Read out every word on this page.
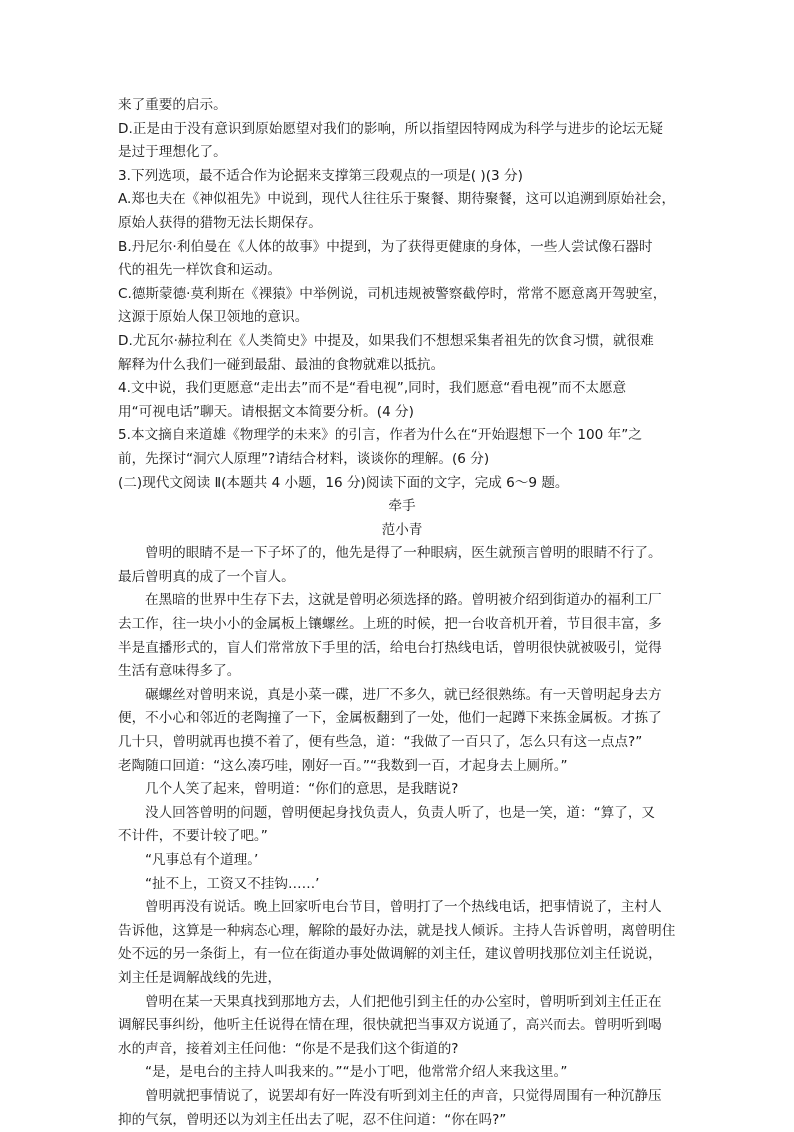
来了重要的启示。

D.正是由于没有意识到原始愿望对我们的影响，所以指望因特网成为科学与进步的论坛无疑

是过于理想化了。

3.下列选项，最不适合作为论据来支撑第三段观点的一项是( )(3 分)

A.郑也夫在《神似祖先》中说到，现代人往往乐于聚餐、期待聚餐，这可以追溯到原始社会，

原始人获得的猎物无法长期保存。

B.丹尼尔·利伯曼在《人体的故事》中提到，为了获得更健康的身体，一些人尝试像石器时

代的祖先一样饮食和运动。

C.德斯蒙德·莫利斯在《裸猿》中举例说，司机违规被警察截停时，常常不愿意离开驾驶室，

这源于原始人保卫领地的意识。

D.尤瓦尔·赫拉利在《人类简史》中提及，如果我们不想想采集者祖先的饮食习惯，就很难

解释为什么我们一碰到最甜、最油的食物就难以抵抗。

4.文中说，我们更愿意“走出去”而不是“看电视”,同时，我们愿意“看电视”而不太愿意

用“可视电话”聊天。请根据文本简要分析。(4 分)

5.本文摘自来道雄《物理学的未来》的引言，作者为什么在“开始遐想下一个 100 年”之

前，先探讨“洞穴人原理”?请结合材料，谈谈你的理解。(6 分)

(二)现代文阅读 Ⅱ(本题共 4 小题，16 分)阅读下面的文字，完成 6～9 题。

牵手

范小青

曾明的眼睛不是一下子坏了的，他先是得了一种眼病，医生就预言曾明的眼睛不行了。

最后曾明真的成了一个盲人。

在黑暗的世界中生存下去，这就是曾明必须选择的路。曾明被介绍到街道办的福利工厂

去工作，往一块小小的金属板上镶螺丝。上班的时候，把一台收音机开着，节目很丰富，多

半是直播形式的，盲人们常常放下手里的活，给电台打热线电话，曾明很快就被吸引，觉得

生活有意味得多了。

碾螺丝对曾明来说，真是小菜一碟，进厂不多久，就已经很熟练。有一天曾明起身去方

便，不小心和邻近的老陶撞了一下，金属板翻到了一处，他们一起蹲下来拣金属板。才拣了

几十只，曾明就再也摸不着了，便有些急，道：“我做了一百只了，怎么只有这一点点?”

老陶随口回道：“这么凑巧哇，刚好一百。”“我数到一百，才起身去上厕所。”

几个人笑了起来，曾明道：“你们的意思，是我瞎说?

没人回答曾明的问题，曾明便起身找负责人，负责人听了，也是一笑，道：“算了，又

不计件，不要计较了吧。”

“凡事总有个道理。’

“扯不上，工资又不挂钩……’

曾明再没有说话。晚上回家听电台节目，曾明打了一个热线电话，把事情说了，主村人

告诉他，这算是一种病态心理，解除的最好办法，就是找人倾诉。主持人告诉曾明，离曾明住

处不远的另一条街上，有一位在街道办事处做调解的刘主任，建议曾明找那位刘主任说说，

刘主任是调解战线的先进，

曾明在某一天果真找到那地方去，人们把他引到主任的办公室时，曾明听到刘主任正在

调解民事纠纷，他听主任说得在情在理，很快就把当事双方说通了，高兴而去。曾明听到喝

水的声音，接着刘主任问他：“你是不是我们这个街道的?

“是，是电台的主持人叫我来的。”“是小丁吧，他常常介绍人来我这里。”

曾明就把事情说了，说罢却有好一阵没有听到刘主任的声音，只觉得周围有一种沉静压

抑的气氛，曾明还以为刘主任出去了呢，忍不住问道：“你在吗?”
